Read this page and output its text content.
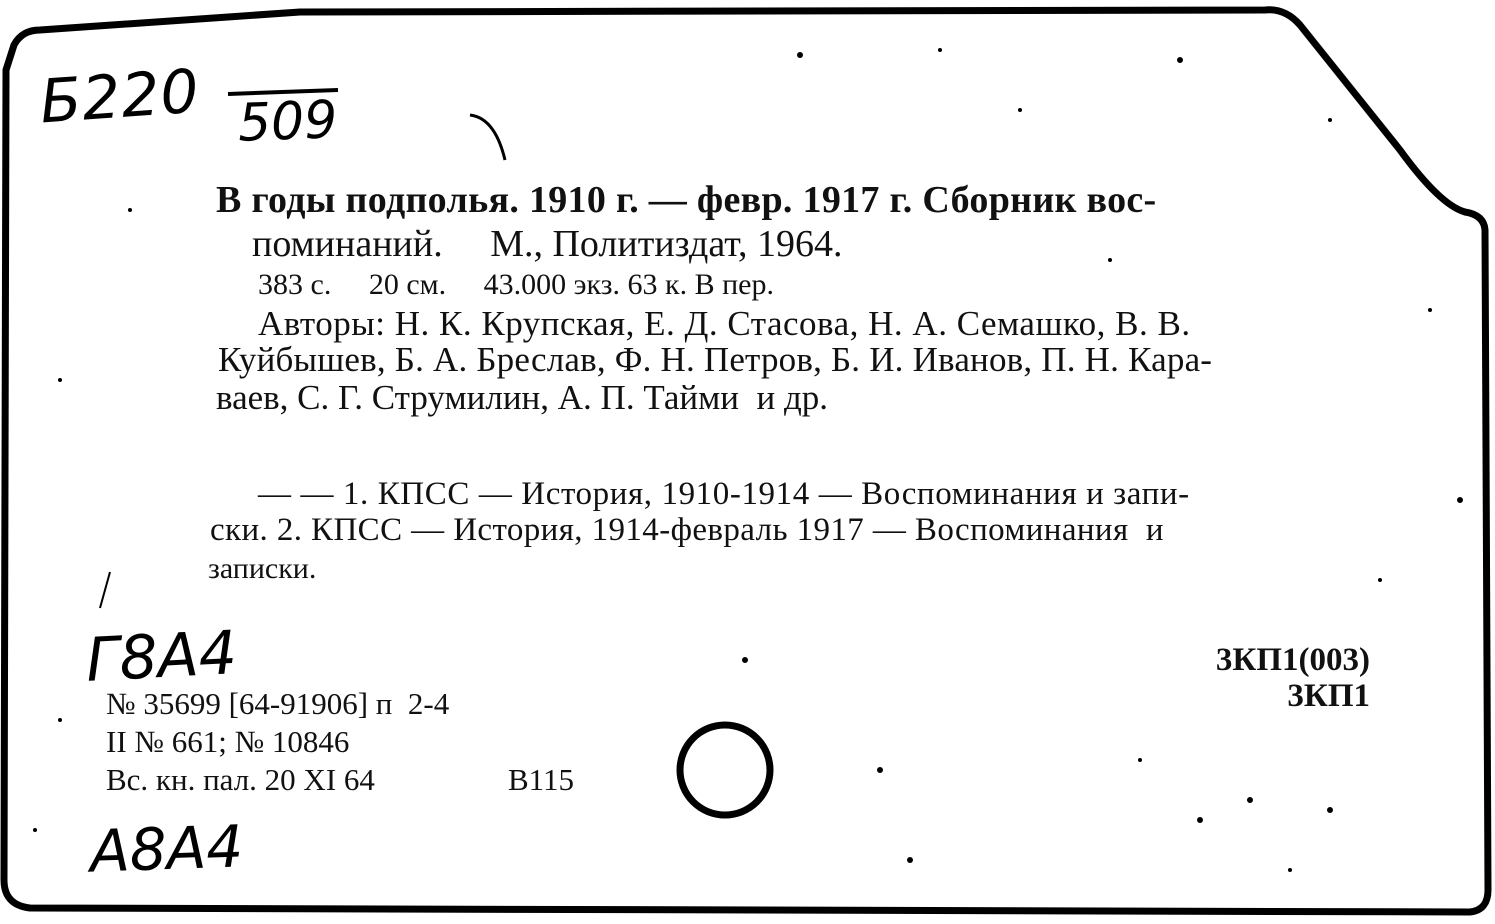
Б220 509
В годы подполья. 1910 г. — февр. 1917 г. Сборник вос-
поминаний.     М., Политиздат, 1964.
383 с.     20 см.     43.000 экз. 63 к. В пер.
Авторы: Н. К. Крупская, Е. Д. Стасова, Н. А. Семашко, В. В.
Куйбышев, Б. А. Бреслав, Ф. Н. Петров, Б. И. Иванов, П. Н. Кара-
ваев, С. Г. Струмилин, А. П. Тайми  и др.
— — 1. КПСС — История, 1910-1914 — Воспоминания и запи-
ски. 2. КПСС — История, 1914-февраль 1917 — Воспоминания  и
записки.
Г8А4
А8А4
№ 35699 [64-91906] п  2-4
II № 661; № 10846
Вс. кн. пал. 20 XI 64	В115
3КП1(003)
3КП1
